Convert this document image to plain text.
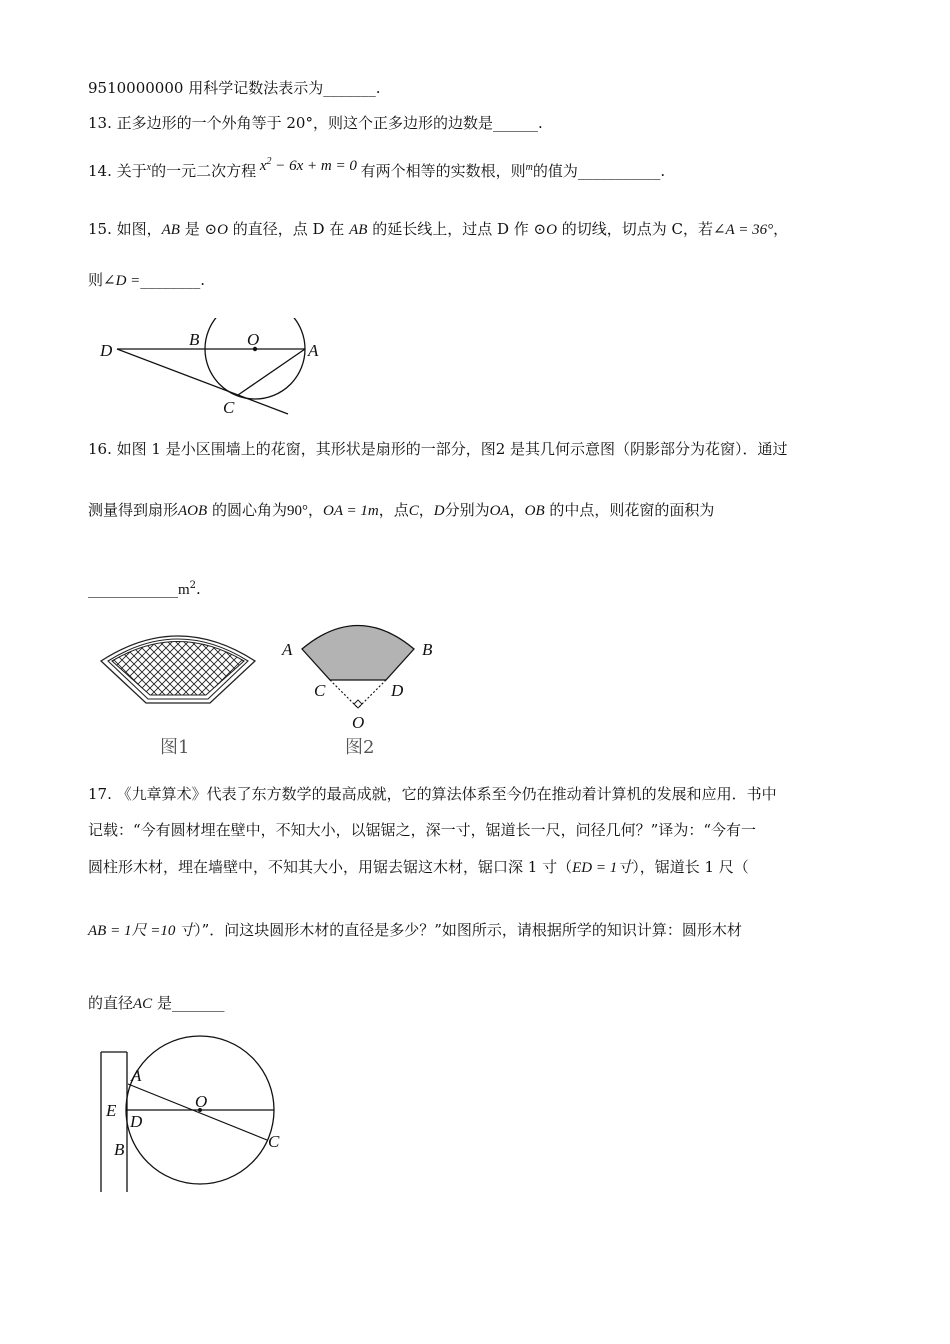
9510000000 用科学记数法表示为_______.
13. 正多边形的一个外角等于 20°，则这个正多边形的边数是______.
14. 关于$^x$的一元二次方程 $x^2 - 6x + m = 0$ 有两个相等的实数根，则$^m$的值为___________.
15. 如图，AB 是 ⊙O 的直径，点 D 在 AB 的延长线上，过点 D 作 ⊙O 的切线，切点为 C，若∠A = 36°，
则∠D =________.
D
B	O
A
C
16. 如图 1 是小区围墙上的花窗，其形状是扇形的一部分，图2 是其几何示意图（阴影部分为花窗）．通过
测量得到扇形AOB 的圆心角为90°，OA = 1m，点C，D分别为OA，OB 的中点，则花窗的面积为
$\_\_\_\_\_\_\_\_\_\_\_\_m^2$.
图1
A	B
C	D
O
图2
17. 《九章算术》代表了东方数学的最高成就，它的算法体系至今仍在推动着计算机的发展和应用．书中
记载：“今有圆材埋在壁中，不知大小，以锯锯之，深一寸，锯道长一尺，问径几何？”译为：“今有一
圆柱形木材，埋在墙壁中，不知其大小，用锯去锯这木材，锯口深 1 寸（ED = 1寸），锯道长 1 尺（
AB = 1尺 =10 寸）”．问这块圆形木材的直径是多少？”如图所示，请根据所学的知识计算：圆形木材
的直径AC 是_______
A
O
E
D
C
B
